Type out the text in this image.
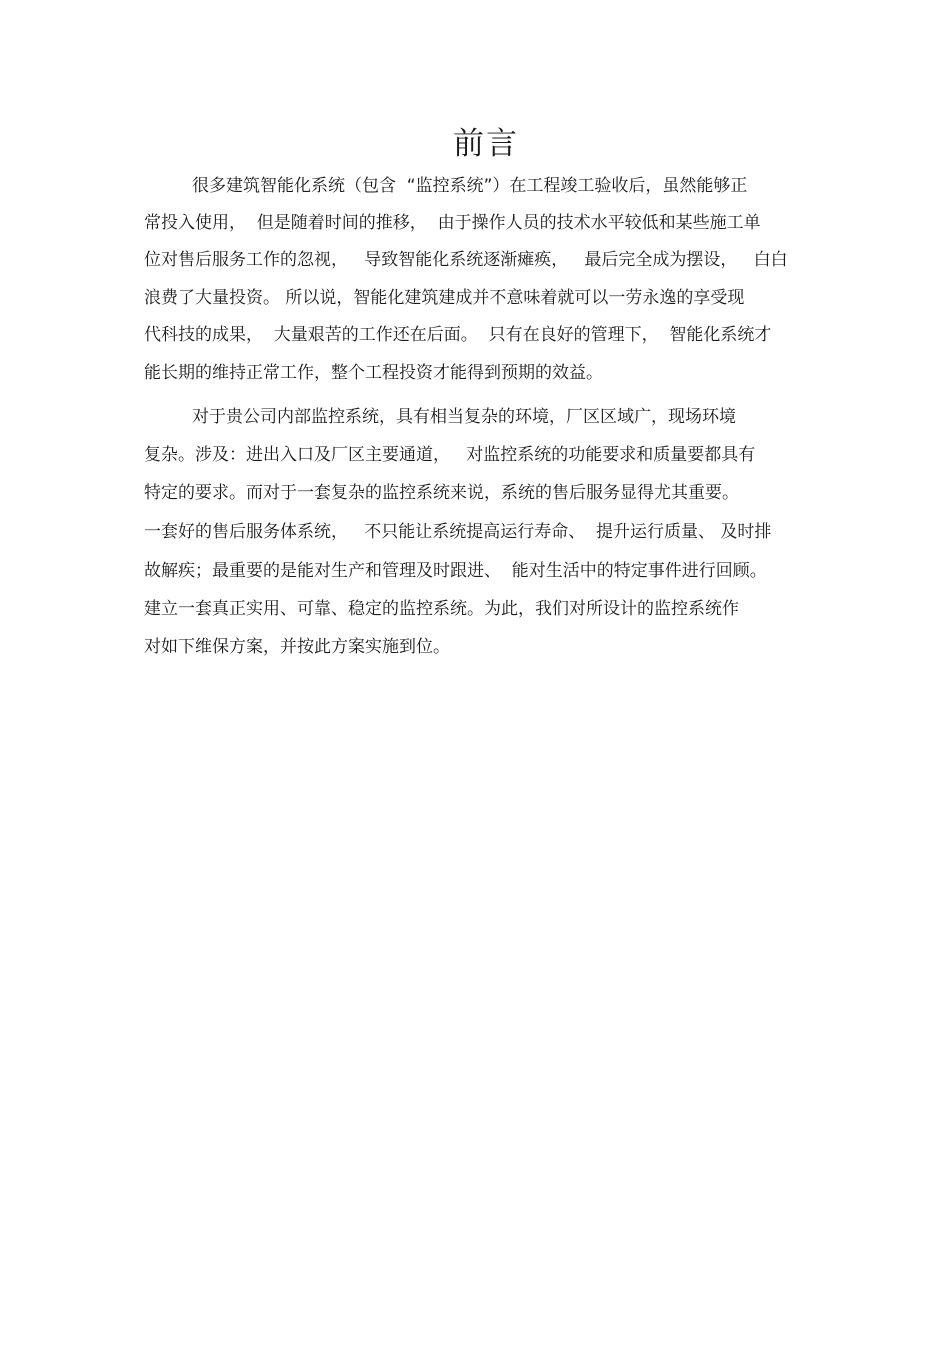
前言

很多建筑智能化系统（包含  “监控系统”）在工程竣工验收后，虽然能够正

常投入使用，  但是随着时间的推移，  由于操作人员的技术水平较低和某些施工单

位对售后服务工作的忽视，   导致智能化系统逐渐瘫痪，   最后完全成为摆设，   白白

浪费了大量投资。 所以说，智能化建筑建成并不意味着就可以一劳永逸的享受现

代科技的成果，  大量艰苦的工作还在后面。  只有在良好的管理下，  智能化系统才

能长期的维持正常工作，整个工程投资才能得到预期的效益。

对于贵公司内部监控系统，具有相当复杂的环境，厂区区域广，现场环境

复杂。涉及：进出入口及厂区主要通道，   对监控系统的功能要求和质量要都具有

特定的要求。而对于一套复杂的监控系统来说，系统的售后服务显得尤其重要。

一套好的售后服务体系统，   不只能让系统提高运行寿命、  提升运行质量、 及时排

故解疾；最重要的是能对生产和管理及时跟进、  能对生活中的特定事件进行回顾。

建立一套真正实用、可靠、稳定的监控系统。为此，我们对所设计的监控系统作

对如下维保方案，并按此方案实施到位。
